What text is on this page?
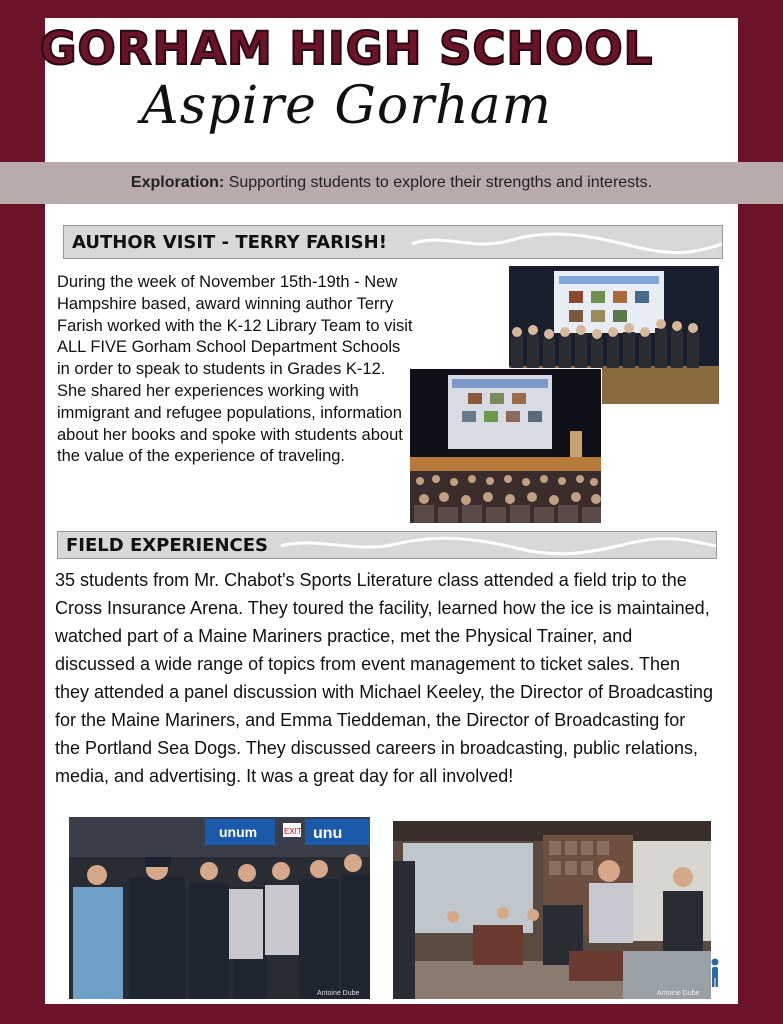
GORHAM HIGH SCHOOL
Aspire Gorham
Exploration: Supporting students to explore their strengths and interests.
AUTHOR VISIT - TERRY FARISH!
During the week of November 15th-19th - New Hampshire based, award winning author Terry Farish worked with the K-12 Library Team to visit ALL FIVE Gorham School Department Schools in order to speak to students in Grades K-12. She shared her experiences working with immigrant and refugee populations, information about her books and spoke with students about the value of the experience of traveling.
FIELD EXPERIENCES
35 students from Mr. Chabot's Sports Literature class attended a field trip to the Cross Insurance Arena. They toured the facility, learned how the ice is maintained, watched part of a Maine Mariners practice, met the Physical Trainer, and discussed a wide range of topics from event management to ticket sales. Then they attended a panel discussion with Michael Keeley, the Director of Broadcasting for the Maine Mariners, and Emma Tieddeman, the Director of Broadcasting for the Portland Sea Dogs. They discussed careers in broadcasting, public relations, media, and advertising. It was a great day for all involved!
unum	EXIT unu
Antoine Dube	Antoine Dube
